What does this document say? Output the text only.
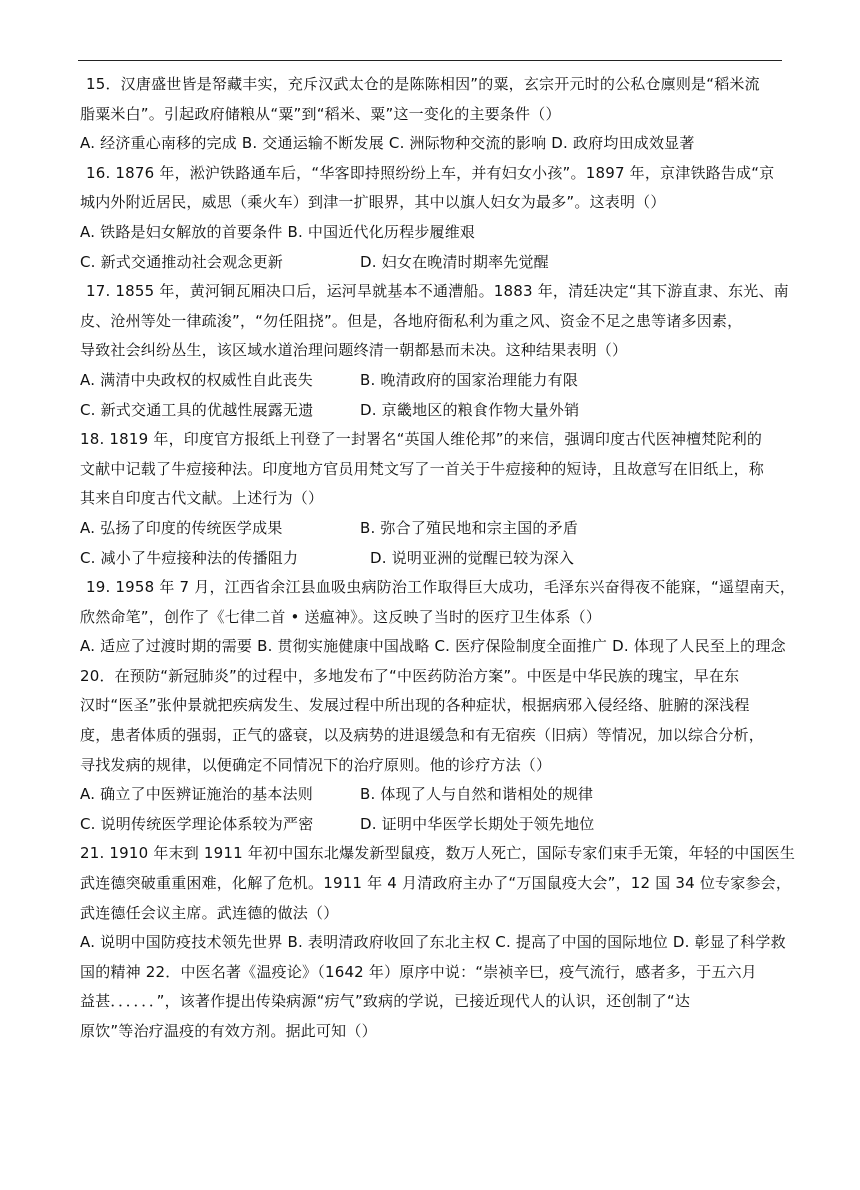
15．汉唐盛世皆是帑藏丰实，充斥汉武太仓的是陈陈相因”的粟，玄宗开元时的公私仓廪则是“稻米流
脂粟米白”。引起政府储粮从“粟”到“稻米、粟”这一变化的主要条件（）
A. 经济重心南移的完成 B. 交通运输不断发展 C. 洲际物种交流的影响 D. 政府均田成效显著
16. 1876 年，淞沪铁路通车后，“华客即持照纷纷上车，并有妇女小孩”。1897 年，京津铁路告成“京
城内外附近居民，威思（乘火车）到津一扩眼界，其中以旗人妇女为最多”。这表明（）
A. 铁路是妇女解放的首要条件 B. 中国近代化历程步履维艰
C. 新式交通推动社会观念更新	D. 妇女在晚清时期率先觉醒
17. 1855 年，黄河铜瓦厢决口后，运河旱就基本不通漕船。1883 年，清廷决定“其下游直隶、东光、南
皮、沧州等处一律疏浚”，“勿任阻挠”。但是，各地府衙私利为重之风、资金不足之患等诸多因素，
导致社会纠纷丛生，该区域水道治理问题终清一朝都悬而未决。这种结果表明（）
A. 满清中央政权的权威性自此丧失	B. 晚清政府的国家治理能力有限
C. 新式交通工具的优越性展露无遗	D. 京畿地区的粮食作物大量外销
18. 1819 年，印度官方报纸上刊登了一封署名“英国人维伦邦”的来信，强调印度古代医神檀梵陀利的
文献中记载了牛痘接种法。印度地方官员用梵文写了一首关于牛痘接种的短诗，且故意写在旧纸上，称
其来自印度古代文献。上述行为（）
A. 弘扬了印度的传统医学成果	B. 弥合了殖民地和宗主国的矛盾
C. 减小了牛痘接种法的传播阻力	D. 说明亚洲的觉醒已较为深入
19. 1958 年 7 月，江西省余江县血吸虫病防治工作取得巨大成功，毛泽东兴奋得夜不能寐，“遥望南天，
欣然命笔”，创作了《七律二首 • 送瘟神》。这反映了当时的医疗卫生体系（）
A. 适应了过渡时期的需要 B. 贯彻实施健康中国战略 C. 医疗保险制度全面推广 D. 体现了人民至上的理念
20．在预防“新冠肺炎”的过程中，多地发布了“中医药防治方案”。中医是中华民族的瑰宝，早在东
汉时“医圣”张仲景就把疾病发生、发展过程中所出现的各种症状，根据病邪入侵经络、脏腑的深浅程
度，患者体质的强弱，正气的盛衰，以及病势的进退缓急和有无宿疾（旧病）等情况，加以综合分析，
寻找发病的规律，以便确定不同情况下的治疗原则。他的诊疗方法（）
A. 确立了中医辨证施治的基本法则	B. 体现了人与自然和谐相处的规律
C. 说明传统医学理论体系较为严密	D. 证明中华医学长期处于领先地位
21. 1910 年末到 1911 年初中国东北爆发新型鼠疫，数万人死亡，国际专家们束手无策，年轻的中国医生
武连德突破重重困难，化解了危机。1911 年 4 月清政府主办了“万国鼠疫大会”，12 国 34 位专家参会，
武连德任会议主席。武连德的做法（）
A. 说明中国防疫技术领先世界 B. 表明清政府收回了东北主权 C. 提高了中国的国际地位 D. 彰显了科学救
国的精神 22．中医名著《温疫论》（1642 年）原序中说：“崇祯辛巳，疫气流行，感者多，于五六月
益甚．．．．．．”，该著作提出传染病源“疠气”致病的学说，已接近现代人的认识，还创制了“达
原饮”等治疗温疫的有效方剂。据此可知（）
